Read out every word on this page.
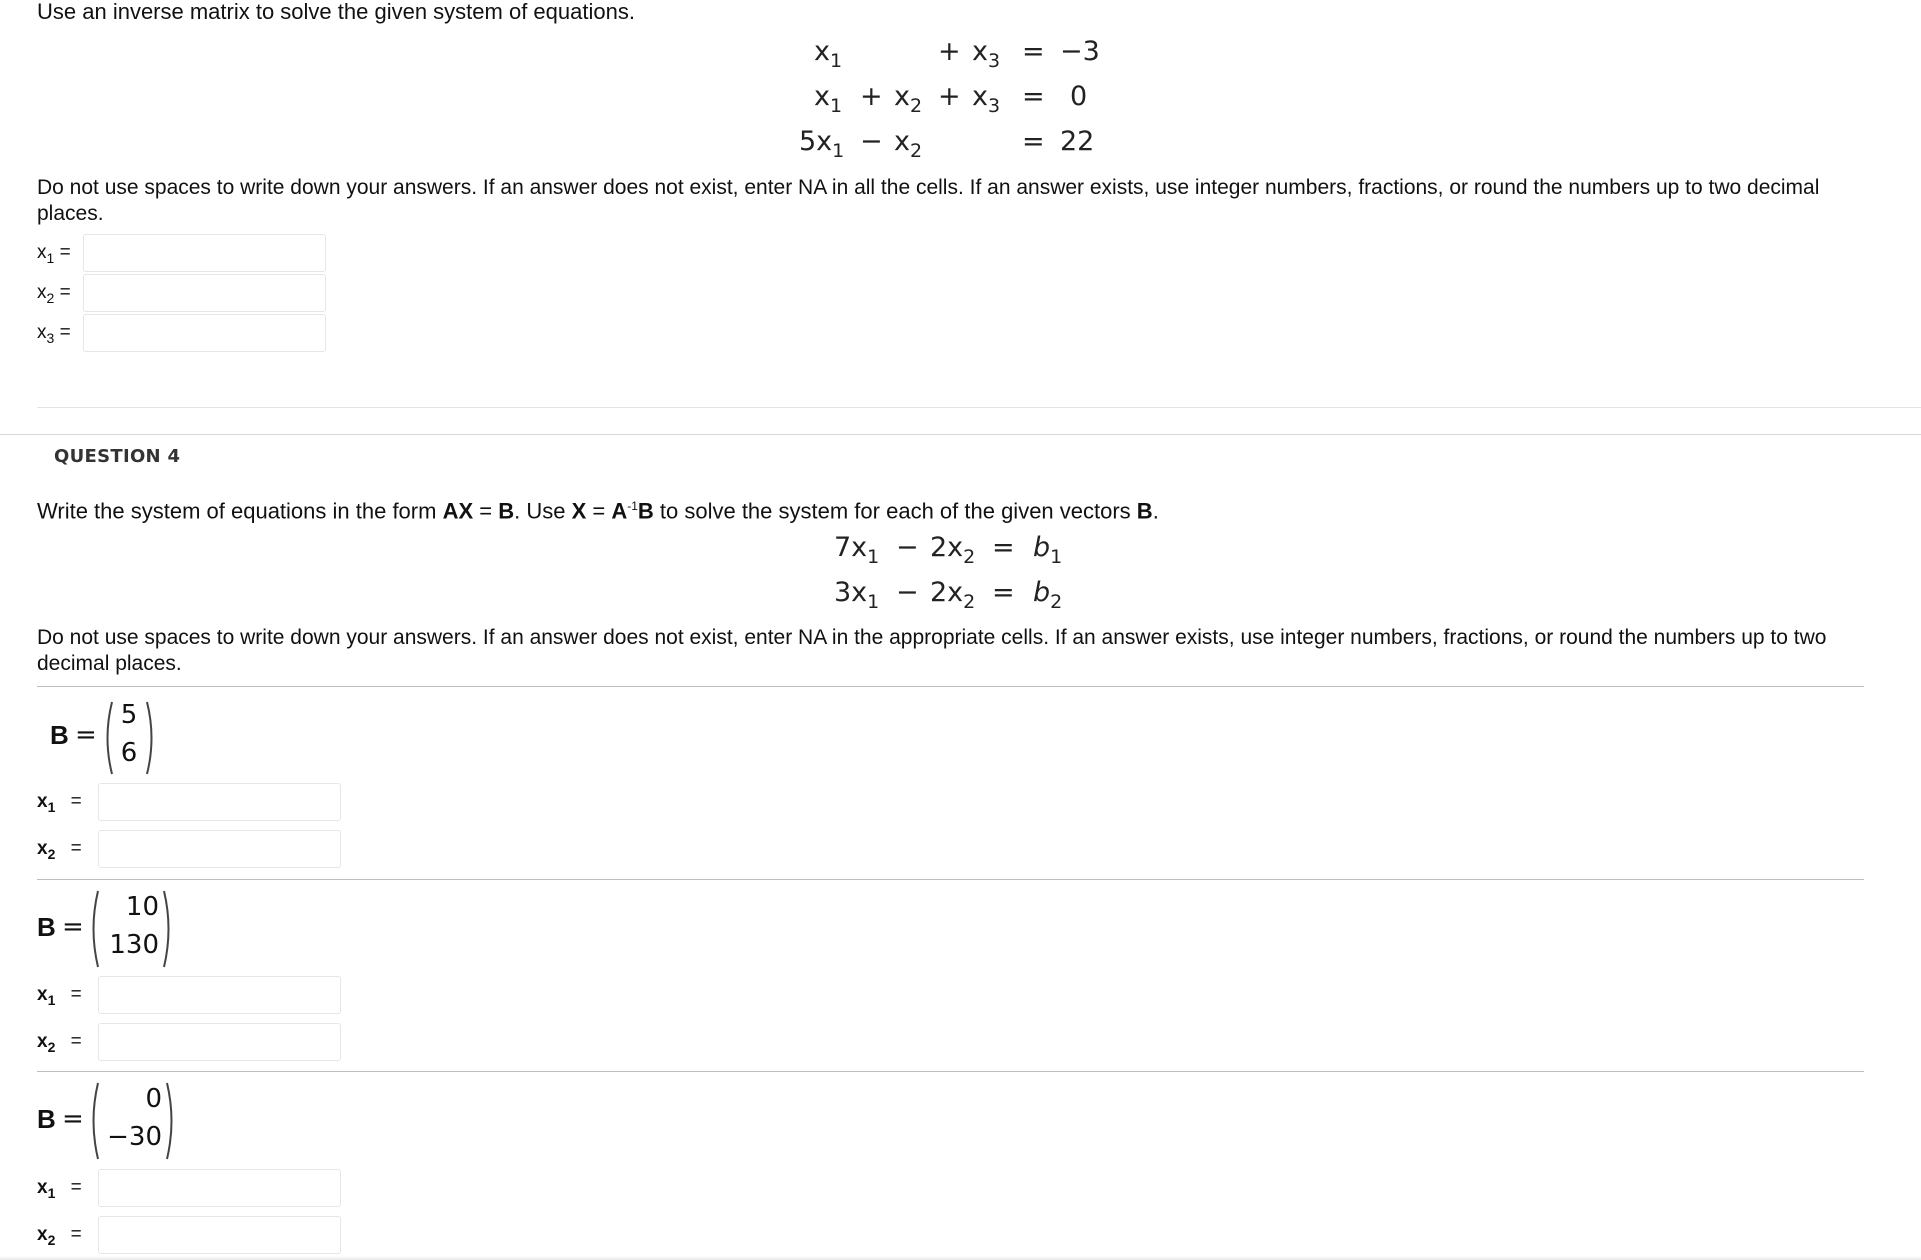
Use an inverse matrix to solve the given system of equations.
$x_1$	+ $x_3 = -3$
$x_1 + x_2 + x_3 = 0$
$5x_1 - x_2$	= 22
Do not use spaces to write down your answers. If an answer does not exist, enter NA in all the cells. If an answer exists, use integer numbers, fractions, or round the numbers up to two decimal places.
$x_1$ =
$x_2$ =
$x_3$ =
QUESTION 4
Write the system of equations in the form AX = B. Use $X = A^{-1}B$ to solve the system for each of the given vectors B.
$7x_1 - 2x_2 = b_1$
$3x_1 - 2x_2 = b_2$
Do not use spaces to write down your answers. If an answer does not exist, enter NA in the appropriate cells. If an answer exists, use integer numbers, fractions, or round the numbers up to two decimal places.
B =
5
6
$x_1$ =
$x_2$ =
B =
10
130
$x_1$ =
$x_2$ =
B =
0
−30
$x_1$ =
$x_2$ =
